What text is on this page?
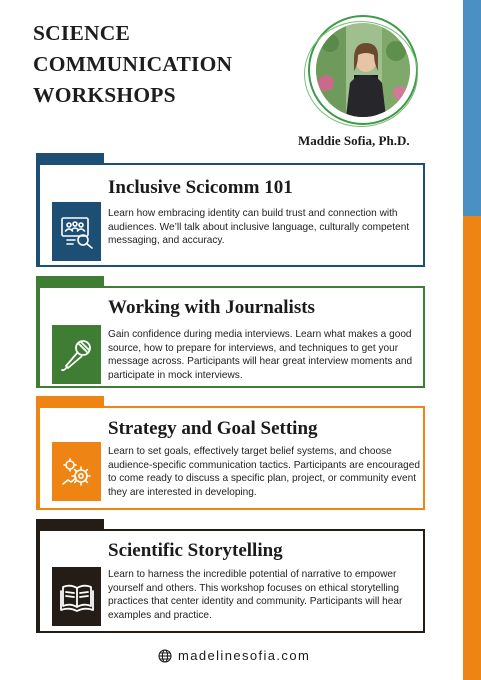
SCIENCE
COMMUNICATION
WORKSHOPS
Maddie Sofia, Ph.D.
Inclusive Scicomm 101

Learn how embracing identity can build trust and connection with audiences. We’ll talk about inclusive language, culturally competent messaging, and accuracy.

Working with Journalists

Gain confidence during media interviews. Learn what makes a good source, how to prepare for interviews, and techniques to get your message across. Participants will hear great interview moments and participate in mock interviews.

Strategy and Goal Setting

Learn to set goals, effectively target belief systems, and choose audience-specific communication tactics. Participants are encouraged to come ready to discuss a specific plan, project, or community event they are interested in developing.

Scientific Storytelling

Learn to harness the incredible potential of narrative to empower yourself and others. This workshop focuses on ethical storytelling practices that center identity and community. Participants will hear examples and practice.

madelinesofia.com
